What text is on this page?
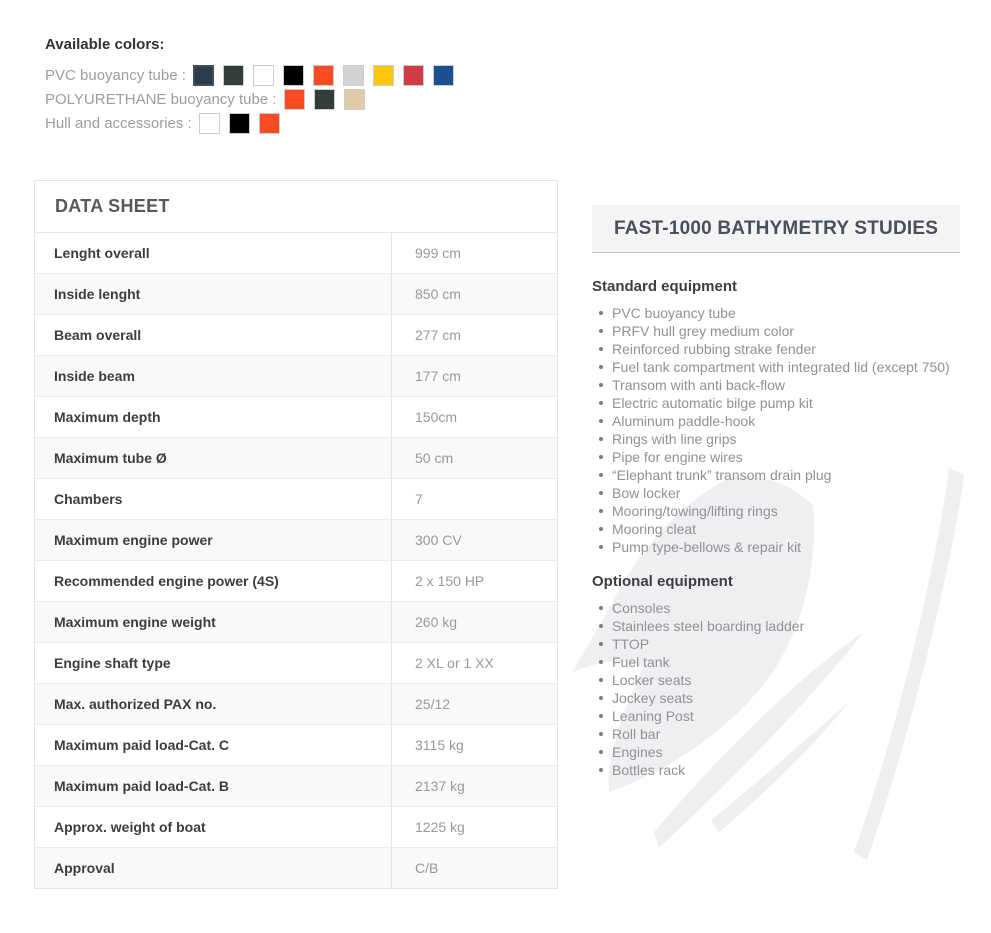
Available colors:
PVC buoyancy tube :
POLYURETHANE buoyancy tube :
Hull and accessories :
DATA SHEET
Lenght overall	999 cm
Inside lenght	850 cm
Beam overall	277 cm
Inside beam	177 cm
Maximum depth	150cm
Maximum tube Ø	50 cm
Chambers	7
Maximum engine power	300 CV
Recommended engine power (4S)	2 x 150 HP
Maximum engine weight	260 kg
Engine shaft type	2 XL or 1 XX
Max. authorized PAX no.	25/12
Maximum paid load-Cat. C	3115 kg
Maximum paid load-Cat. B	2137 kg
Approx. weight of boat	1225 kg
Approval	C/B
FAST-1000 BATHYMETRY STUDIES
Standard equipment
PVC buoyancy tube
PRFV hull grey medium color
Reinforced rubbing strake fender
Fuel tank compartment with integrated lid (except 750)
Transom with anti back-flow
Electric automatic bilge pump kit
Aluminum paddle-hook
Rings with line grips
Pipe for engine wires
“Elephant trunk” transom drain plug
Bow locker
Mooring/towing/lifting rings
Mooring cleat
Pump type-bellows & repair kit
Optional equipment
Consoles
Stainlees steel boarding ladder
TTOP
Fuel tank
Locker seats
Jockey seats
Leaning Post
Roll bar
Engines
Bottles rack
